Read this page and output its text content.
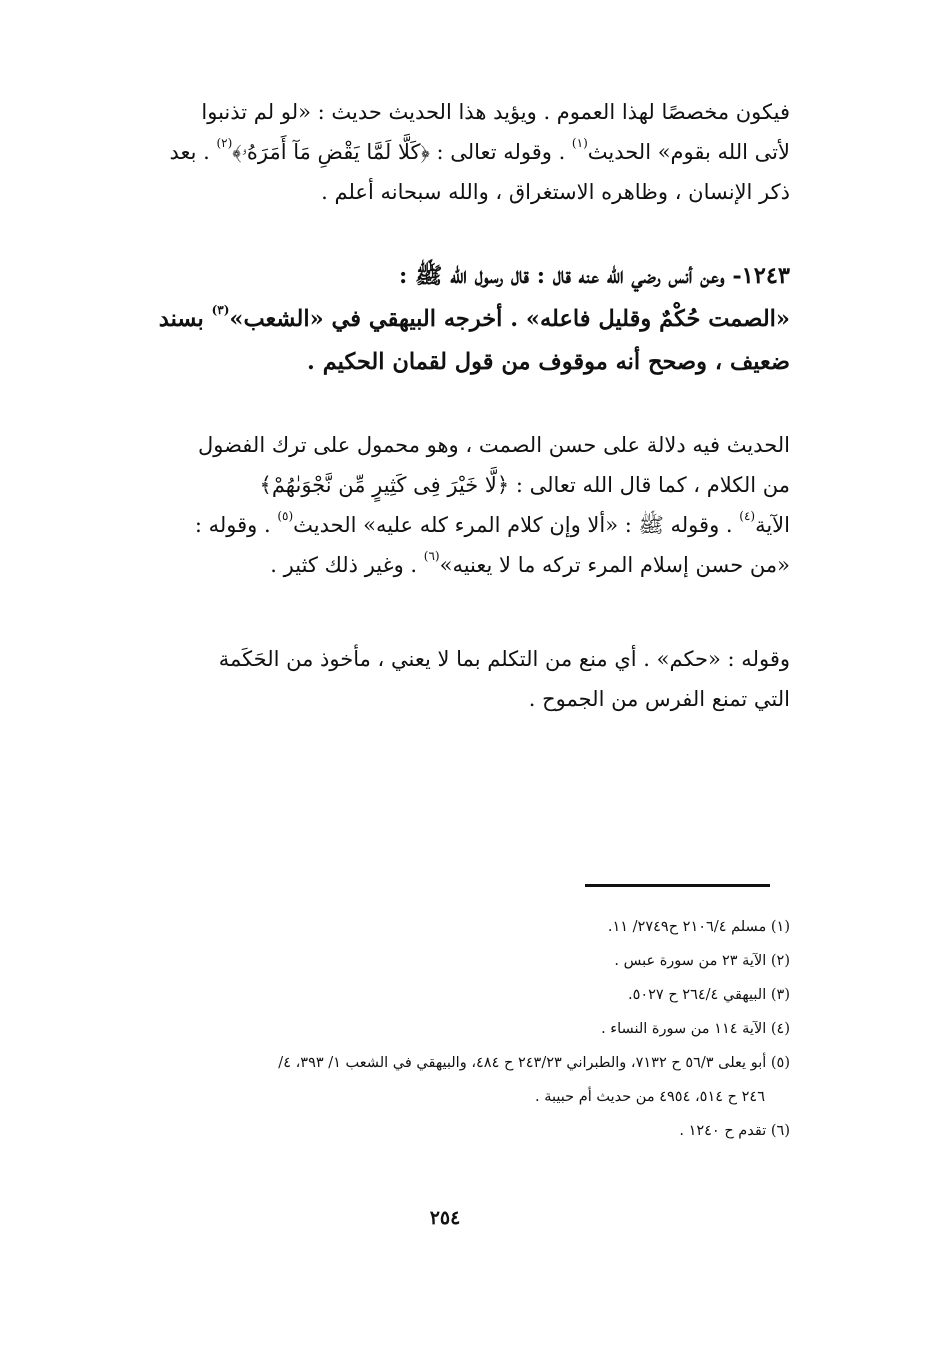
فيكون مخصصًا لهذا العموم . ويؤيد هذا الحديث حديث : «لو لم تذنبوا
لأتى الله بقوم» الحديث$^{(١)}$ . وقوله تعالى : ﴿كَلَّا لَمَّا يَقْضِ مَآ أَمَرَهُۥ﴾$^{(٢)}$ . بعد
ذكر الإنسان ، وظاهره الاستغراق ، والله سبحانه أعلم .
١٢٤٣- وعن أنس رضي الله عنه قال : قال رسول الله ﷺ :
«الصمت حُكْمٌ وقليل فاعله» . أخرجه البيهقي في «الشعب»$^{(٣)}$ بسند
ضعيف ، وصحح أنه موقوف من قول لقمان الحكيم .
الحديث فيه دلالة على حسن الصمت ، وهو محمول على ترك الفضول
من الكلام ، كما قال الله تعالى : ﴿لَّا خَيْرَ فِى كَثِيرٍ مِّن نَّجْوَىٰهُمْ﴾
الآية$^{(٤)}$ . وقوله ﷺ : «ألا وإن كلام المرء كله عليه» الحديث$^{(٥)}$ . وقوله :
«من حسن إسلام المرء تركه ما لا يعنيه»$^{(٦)}$ . وغير ذلك كثير .
وقوله : «حكم» . أي منع من التكلم بما لا يعني ، مأخوذ من الحَكَمة
التي تمنع الفرس من الجموح .
(١) مسلم ٢١٠٦/٤ ح٢٧٤٩/ ١١.
(٢) الآية ٢٣ من سورة عبس .
(٣) البيهقي ٢٦٤/٤ ح ٥٠٢٧.
(٤) الآية ١١٤ من سورة النساء .
(٥) أبو يعلى ٥٦/٣ ح ٧١٣٢، والطبراني ٢٤٣/٢٣ ح ٤٨٤، والبيهقي في الشعب ١/ ٣٩٣، ٤/
٢٤٦ ح ٥١٤، ٤٩٥٤ من حديث أم حبيبة .
(٦) تقدم ح ١٢٤٠ .
٢٥٤
